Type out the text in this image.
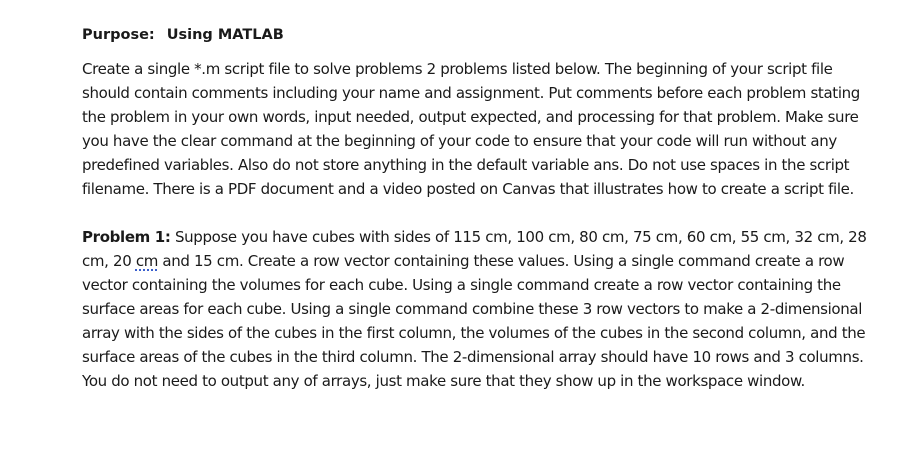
Purpose: Using MATLAB

Create a single *.m script file to solve problems 2 problems listed below. The beginning of your script file should contain comments including your name and assignment. Put comments before each problem stating the problem in your own words, input needed, output expected, and processing for that problem. Make sure you have the clear command at the beginning of your code to ensure that your code will run without any predefined variables. Also do not store anything in the default variable ans. Do not use spaces in the script filename. There is a PDF document and a video posted on Canvas that illustrates how to create a script file.

Problem 1: Suppose you have cubes with sides of 115 cm, 100 cm, 80 cm, 75 cm, 60 cm, 55 cm, 32 cm, 28 cm, 20 cm and 15 cm. Create a row vector containing these values. Using a single command create a row vector containing the volumes for each cube. Using a single command create a row vector containing the surface areas for each cube. Using a single command combine these 3 row vectors to make a 2-dimensional array with the sides of the cubes in the first column, the volumes of the cubes in the second column, and the surface areas of the cubes in the third column. The 2-dimensional array should have 10 rows and 3 columns. You do not need to output any of arrays, just make sure that they show up in the workspace window.
